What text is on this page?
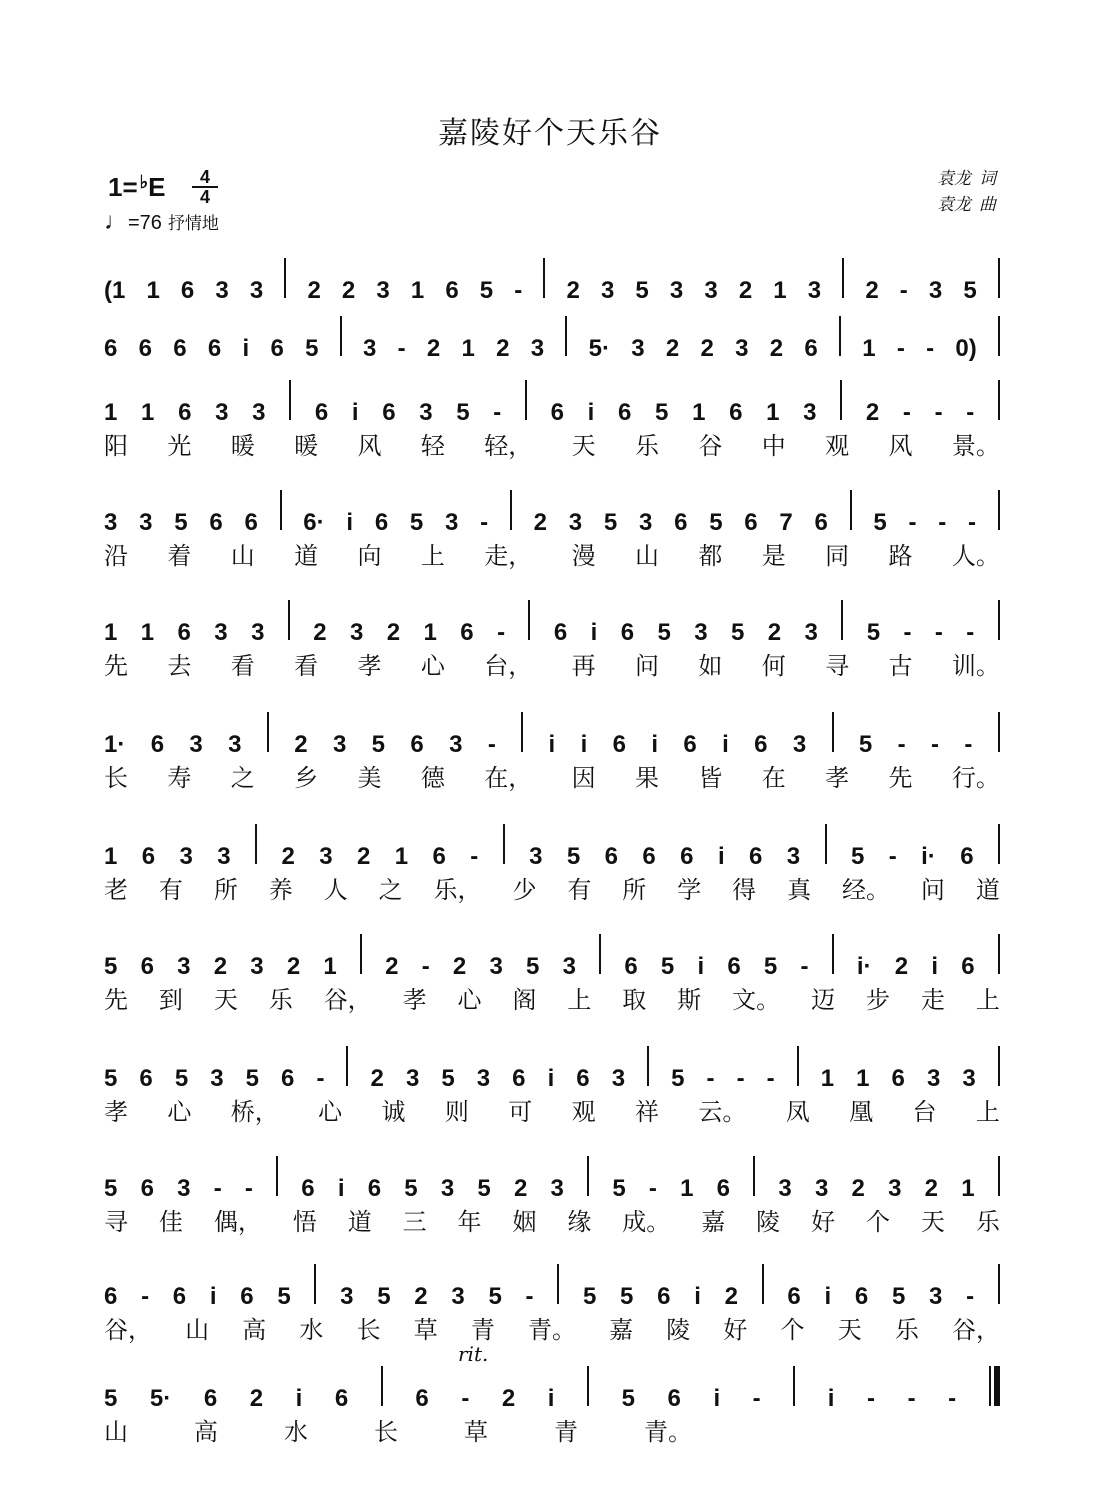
嘉陵好个天乐谷
1= ♭E	4
4
♩=76 抒情地
袁龙 词
袁龙 曲
(1 1 6 3 3 2 2 3 1 6 5 - 2 3 5 3 3 2 1 3 2 - 3 5
6 6 6 6 i 6 5 3 - 2 1 2 3 5· 3 2 2 3 2 6 1 - - 0)
1 1 6 3 3 6 i 6 3 5 - 6 i 6 5 1 6 1 3 2 - - -
阳 光 暖 暖 风 轻 轻， 天 乐 谷 中 观 风 景。
3 3 5 6 6 6· i 6 5 3 - 2 3 5 3 6 5 6 7 6 5 - - -
沿 着 山 道 向 上 走， 漫 山 都 是 同 路 人。
1 1 6 3 3 2 3 2 1 6 - 6 i 6 5 3 5 2 3 5 - - -
先 去 看 看 孝 心 台， 再 问 如 何 寻 古 训。
1· 6 3 3 2 3 5 6 3 - i i 6 i 6 i 6 3 5 - - -
长 寿 之 乡 美 德 在， 因 果 皆 在 孝 先 行。
1 6 3 3 2 3 2 1 6 - 3 5 6 6 6 i 6 3 5 - i· 6
老 有 所 养 人 之 乐， 少 有 所 学 得 真 经。 问 道
5 6 3 2 3 2 1 2 - 2 3 5 3 6 5 i 6 5 - i· 2 i 6
先 到 天 乐 谷， 孝 心 阁 上 取 斯 文。 迈 步 走 上
5 6 5 3 5 6 - 2 3 5 3 6 i 6 3 5 - - - 1 1 6 3 3
孝 心 桥， 心 诚 则 可 观 祥 云。 凤 凰 台 上
5 6 3 - - 6 i 6 5 3 5 2 3 5 - 1 6 3 3 2 3 2 1
寻 佳 偶， 悟 道 三 年 姻 缘 成。 嘉 陵 好 个 天 乐
6 - 6 i 6 5 3 5 2 3 5 - 5 5 6 i 2 6 i 6 5 3 -
谷， 山 高 水 长 草 青 青。 嘉 陵 好 个 天 乐 谷，
5 5· 6 2 i 6	6 - 2 i	5 6 i -	i - - -
山	高	水	长	草	青	青。
rit.
